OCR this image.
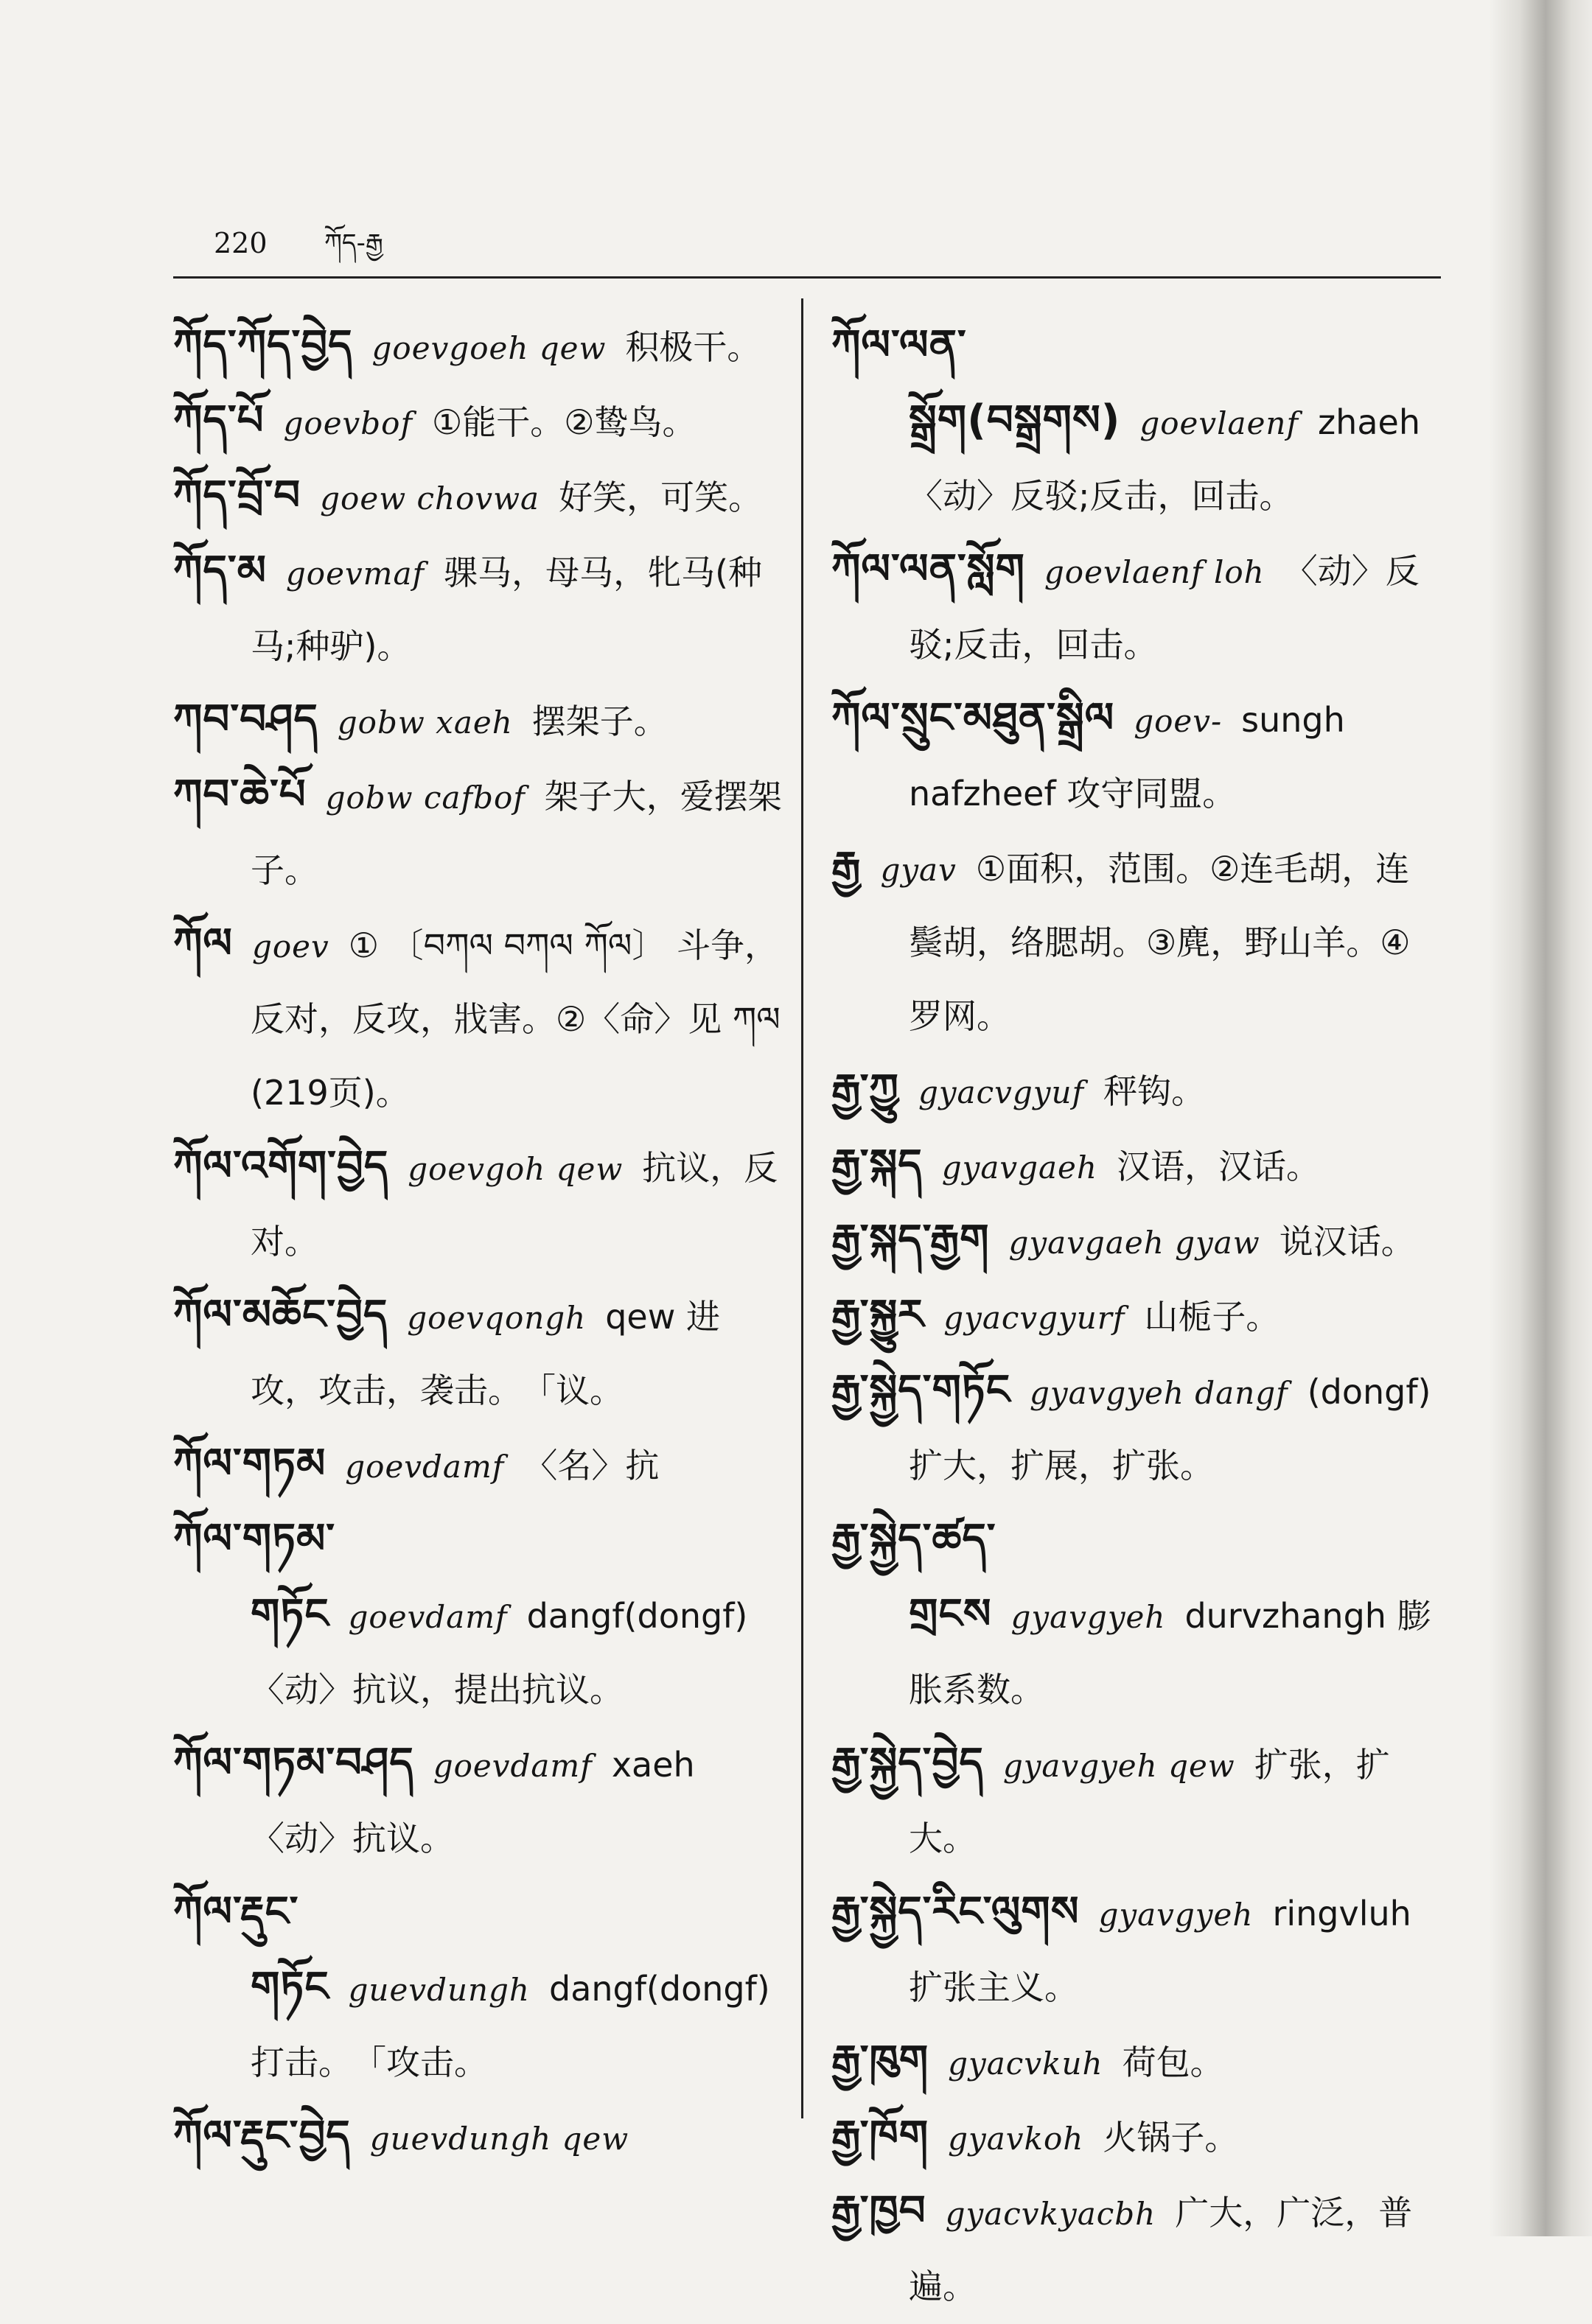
220 ཀོད-རྒྱ

ཀོད་ཀོད་བྱེད goevgoeh qew 积极干。

ཀོད་པོ goevbof ①能干。②鸷鸟。

ཀོད་བྲོ་བ goew chovwa 好笑，可笑。

ཀོད་མ goevmaf 骒马，母马，牝马(种马;种驴)。

ཀབ་བཤད gobw xaeh 摆架子。

ཀབ་ཆེ་པོ gobw cafbof 架子大，爱摆架子。

ཀོལ goev ① 〔བཀལ བཀལ ཀོལ〕 斗争，反对，反攻，戕害。②〈命〉见 ཀལ (219页)。

ཀོལ་འགོག་བྱེད goevgoh qew 抗议，反对。

ཀོལ་མཆོང་བྱེད goevqongh qew 进攻，攻击，袭击。　「议。

ཀོལ་གཏམ goevdamf 〈名〉抗

ཀོལ་གཏམ་གཏོང goevdamf dangf(dongf) 〈动〉抗议，提出抗议。

ཀོལ་གཏམ་བཤད goevdamf xaeh 〈动〉抗议。

ཀོལ་རྡུང་གཏོང guevdungh dangf(dongf) 打击。　「攻击。

ཀོལ་རྡུང་བྱེད guevdungh qew

ཀོལ་ལན་སྒྲོག(བསྒྲགས) goevlaenf zhaeh 〈动〉反驳;反击，回击。

ཀོལ་ལན་སློག goevlaenf loh 〈动〉反驳;反击，回击。

ཀོལ་སྲུང་མཐུན་སྒྲིལ goev- sungh nafzheef 攻守同盟。

རྒྱ gyav ①面积，范围。②连毛胡，连鬓胡，络腮胡。③麂，野山羊。④罗网。

རྒྱ་ཀྱུ gyacvgyuf 秤钩。

རྒྱ་སྐད gyavgaeh 汉语，汉话。

རྒྱ་སྐད་རྒྱག gyavgaeh gyaw 说汉话。

རྒྱ་སྐྱུར gyacvgyurf 山栀子。

རྒྱ་སྐྱེད་གཏོང gyavgyeh dangf (dongf) 扩大，扩展，扩张。

རྒྱ་སྐྱེད་ཚད་གྲངས gyavgyeh durvzhangh 膨胀系数。

རྒྱ་སྐྱེད་བྱེད gyavgyeh qew 扩张，扩大。

རྒྱ་སྐྱེད་རིང་ལུགས gyavgyeh ringvluh 扩张主义。

རྒྱ་ཁུག gyacvkuh 荷包。

རྒྱ་ཁོག gyavkoh 火锅子。

རྒྱ་ཁྱབ gyacvkyacbh 广大，广泛，普遍。
